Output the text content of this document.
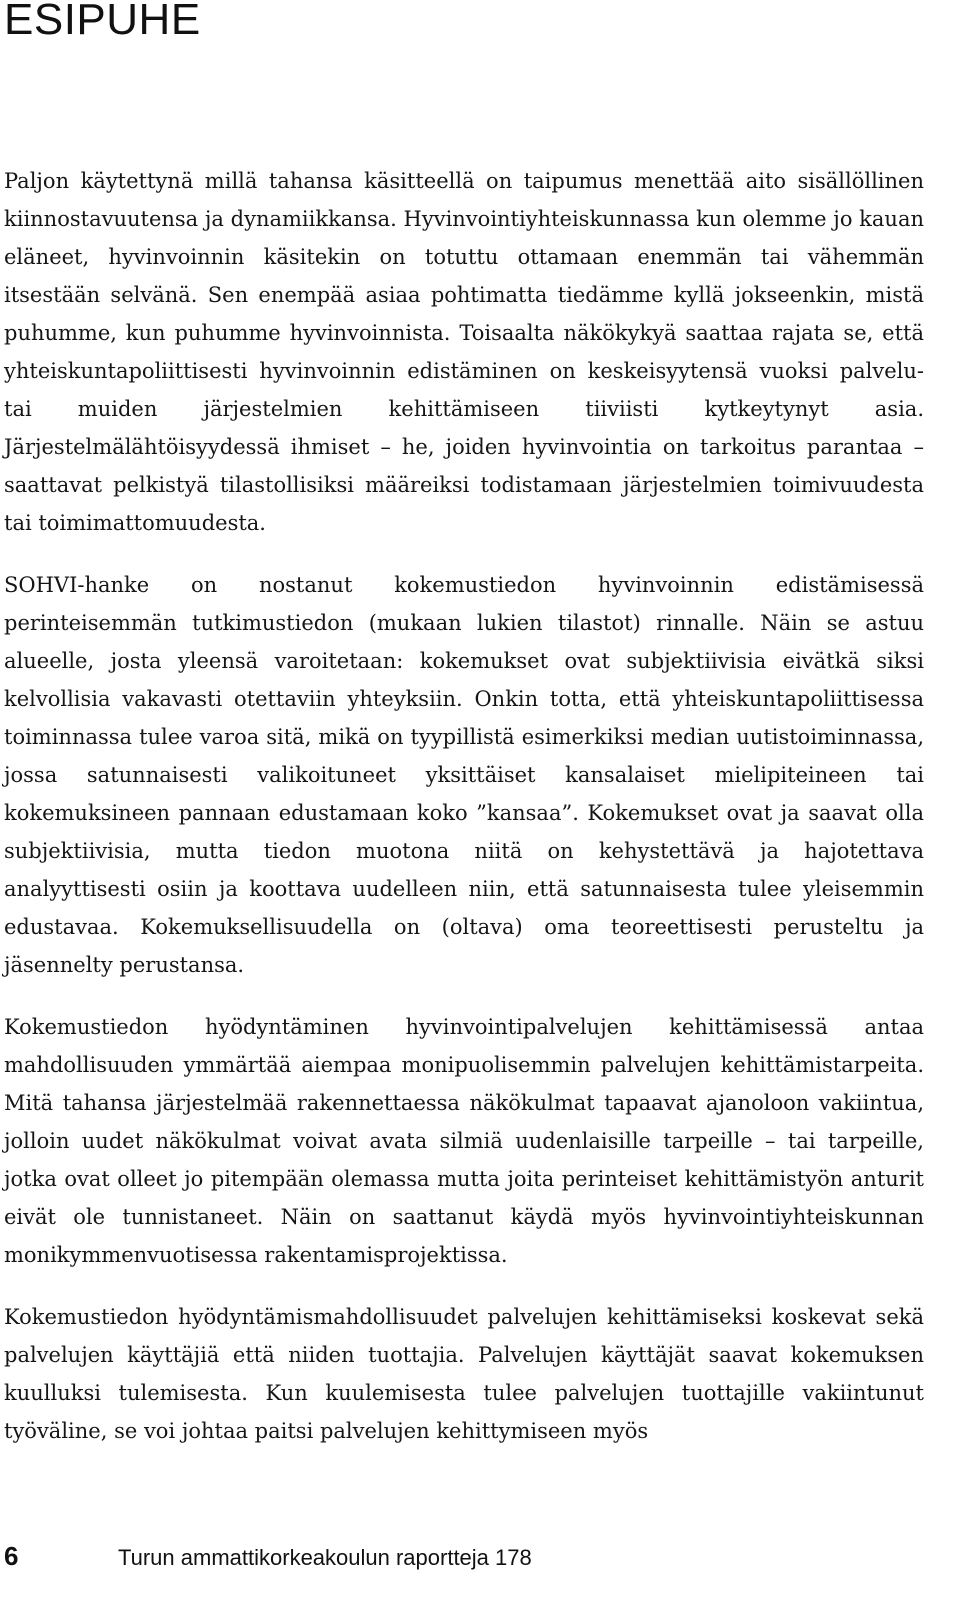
ESIPUHE

Paljon käytettynä millä tahansa käsitteellä on taipumus menettää aito sisällöllinen kiinnostavuutensa ja dynamiikkansa. Hyvinvointiyhteiskunnassa kun olemme jo kauan eläneet, hyvinvoinnin käsitekin on totuttu ottamaan enemmän tai vähemmän itsestään selvänä. Sen enempää asiaa pohtimatta tiedämme kyllä jokseenkin, mistä puhumme, kun puhumme hyvinvoinnista. Toisaalta näkökykyä saattaa rajata se, että yhteiskuntapoliittisesti hyvinvoinnin edistäminen on keskeisyytensä vuoksi palvelu- tai muiden järjestelmien kehittämiseen tiiviisti kytkeytynyt asia. Järjestelmälähtöisyydessä ihmiset – he, joiden hyvinvointia on tarkoitus parantaa – saattavat pelkistyä tilastollisiksi määreiksi todistamaan järjestelmien toimivuudesta tai toimimattomuudesta.

SOHVI-hanke on nostanut kokemustiedon hyvinvoinnin edistämisessä perinteisemmän tutkimustiedon (mukaan lukien tilastot) rinnalle. Näin se astuu alueelle, josta yleensä varoitetaan: kokemukset ovat subjektiivisia eivätkä siksi kelvollisia vakavasti otettaviin yhteyksiin. Onkin totta, että yhteiskuntapoliittisessa toiminnassa tulee varoa sitä, mikä on tyypillistä esimerkiksi median uutistoiminnassa, jossa satunnaisesti valikoituneet yksittäiset kansalaiset mielipiteineen tai kokemuksineen pannaan edustamaan koko ”kansaa”. Kokemukset ovat ja saavat olla subjektiivisia, mutta tiedon muotona niitä on kehystettävä ja hajotettava analyyttisesti osiin ja koottava uudelleen niin, että satunnaisesta tulee yleisemmin edustavaa. Kokemuksellisuudella on (oltava) oma teoreettisesti perusteltu ja jäsennelty perustansa.

Kokemustiedon hyödyntäminen hyvinvointipalvelujen kehittämisessä antaa mahdollisuuden ymmärtää aiempaa monipuolisemmin palvelujen kehittämistarpeita. Mitä tahansa järjestelmää rakennettaessa näkökulmat tapaavat ajanoloon vakiintua, jolloin uudet näkökulmat voivat avata silmiä uudenlaisille tarpeille – tai tarpeille, jotka ovat olleet jo pitempään olemassa mutta joita perinteiset kehittämistyön anturit eivät ole tunnistaneet. Näin on saattanut käydä myös hyvinvointiyhteiskunnan monikymmenvuotisessa rakentamisprojektissa.

Kokemustiedon hyödyntämismahdollisuudet palvelujen kehittämiseksi koskevat sekä palvelujen käyttäjiä että niiden tuottajia. Palvelujen käyttäjät saavat kokemuksen kuulluksi tulemisesta. Kun kuulemisesta tulee palvelujen tuottajille vakiintunut työväline, se voi johtaa paitsi palvelujen kehittymiseen myös

6	Turun ammattikorkeakoulun raportteja 178
